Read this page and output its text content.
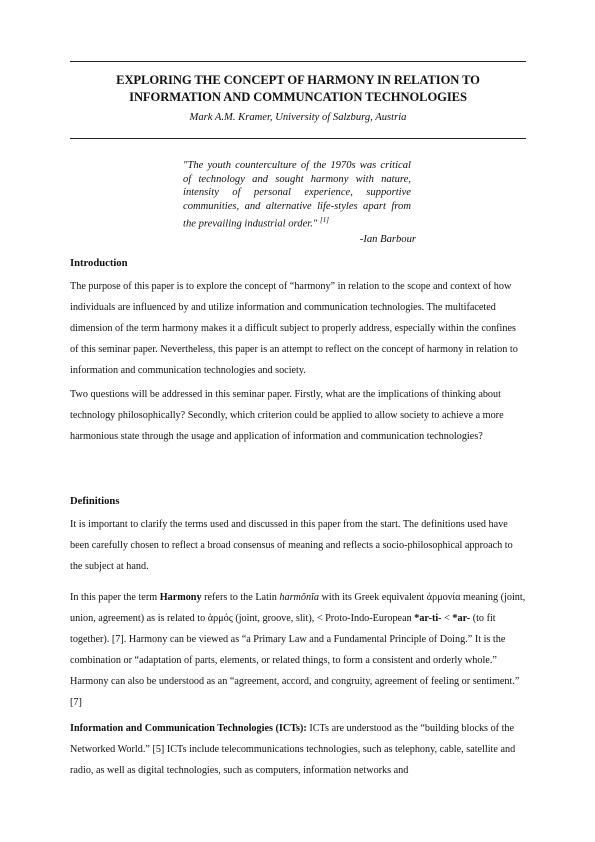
EXPLORING THE CONCEPT OF HARMONY IN RELATION TO
INFORMATION AND COMMUNCATION TECHNOLOGIES
Mark A.M. Kramer, University of Salzburg, Austria
"The youth counterculture of the 1970s was critical of technology and sought harmony with nature, intensity of personal experience, supportive communities, and alternative life-styles apart from the prevailing industrial order." [1]
-Ian Barbour
Introduction
The purpose of this paper is to explore the concept of “harmony” in relation to the scope and context of how individuals are influenced by and utilize information and communication technologies. The multifaceted dimension of the term harmony makes it a difficult subject to properly address, especially within the confines of this seminar paper. Nevertheless, this paper is an attempt to reflect on the concept of harmony in relation to information and communication technologies and society.
Two questions will be addressed in this seminar paper. Firstly, what are the implications of thinking about technology philosophically? Secondly, which criterion could be applied to allow society to achieve a more harmonious state through the usage and application of information and communication technologies?
Definitions
It is important to clarify the terms used and discussed in this paper from the start. The definitions used have been carefully chosen to reflect a broad consensus of meaning and reflects a socio-philosophical approach to the subject at hand.
In this paper the term Harmony refers to the Latin harmŏnĭa with its Greek equivalent ἁρμονία meaning (joint, union, agreement) as is related to ἁρμός (joint, groove, slit), < Proto-Indo-European *ar-ti- < *ar- (to fit together). [7]. Harmony can be viewed as “a Primary Law and a Fundamental Principle of Doing.” It is the combination or “adaptation of parts, elements, or related things, to form a consistent and orderly whole.” Harmony can also be understood as an “agreement, accord, and congruity, agreement of feeling or sentiment.” [7]
Information and Communication Technologies (ICTs): ICTs are understood as the “building blocks of the Networked World.” [5] ICTs include telecommunications technologies, such as telephony, cable, satellite and radio, as well as digital technologies, such as computers, information networks and
